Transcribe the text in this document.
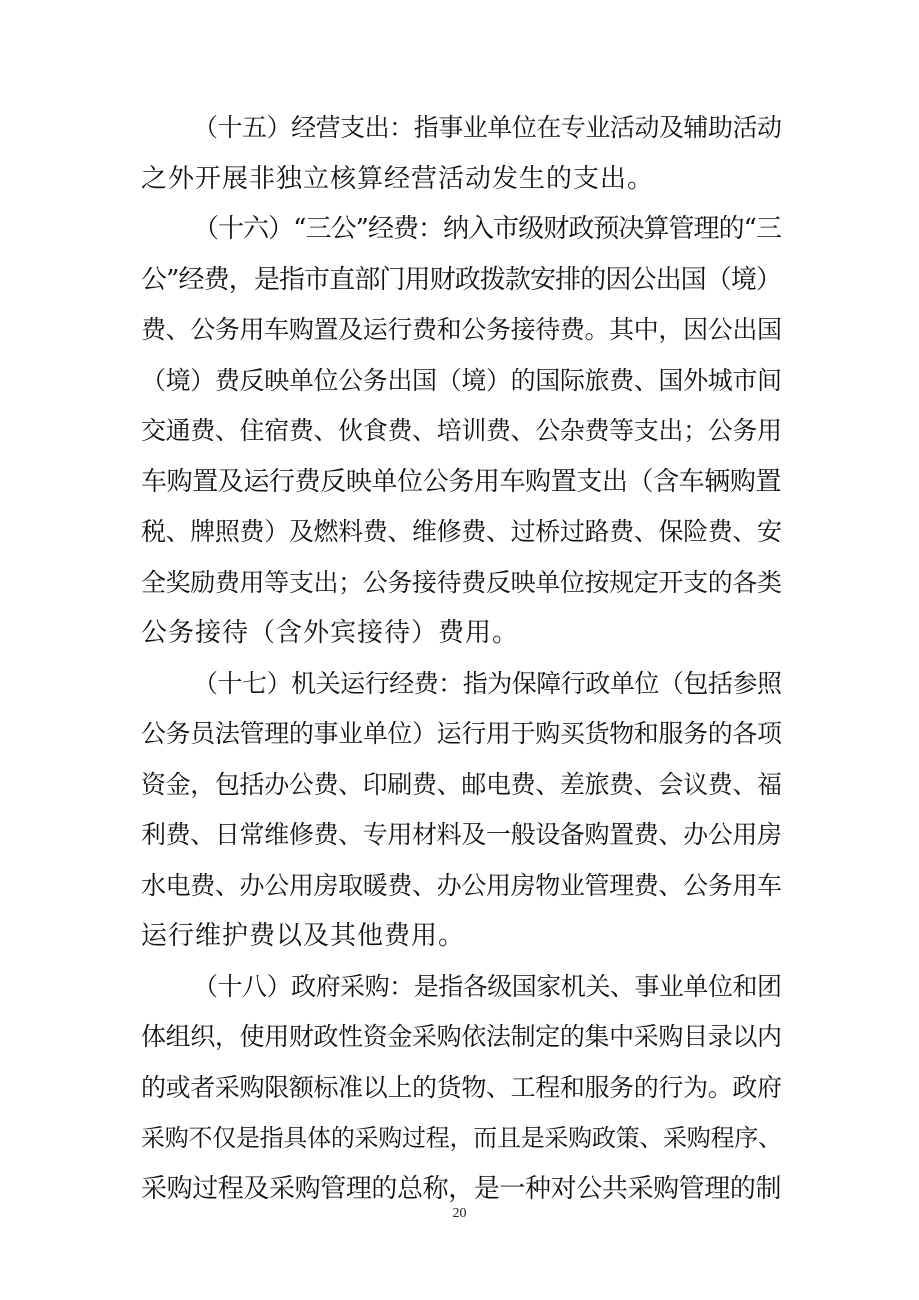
（十五）经营支出：指事业单位在专业活动及辅助活动
之外开展非独立核算经营活动发生的支出。
（十六）“三公”经费：纳入市级财政预决算管理的“三
公”经费，是指市直部门用财政拨款安排的因公出国（境）
费、公务用车购置及运行费和公务接待费。其中，因公出国
（境）费反映单位公务出国（境）的国际旅费、国外城市间
交通费、住宿费、伙食费、培训费、公杂费等支出；公务用
车购置及运行费反映单位公务用车购置支出（含车辆购置
税、牌照费）及燃料费、维修费、过桥过路费、保险费、安
全奖励费用等支出；公务接待费反映单位按规定开支的各类
公务接待（含外宾接待）费用。
（十七）机关运行经费：指为保障行政单位（包括参照
公务员法管理的事业单位）运行用于购买货物和服务的各项
资金，包括办公费、印刷费、邮电费、差旅费、会议费、福
利费、日常维修费、专用材料及一般设备购置费、办公用房
水电费、办公用房取暖费、办公用房物业管理费、公务用车
运行维护费以及其他费用。
（十八）政府采购：是指各级国家机关、事业单位和团
体组织，使用财政性资金采购依法制定的集中采购目录以内
的或者采购限额标准以上的货物、工程和服务的行为。政府
采购不仅是指具体的采购过程，而且是采购政策、采购程序、
采购过程及采购管理的总称，是一种对公共采购管理的制
20
